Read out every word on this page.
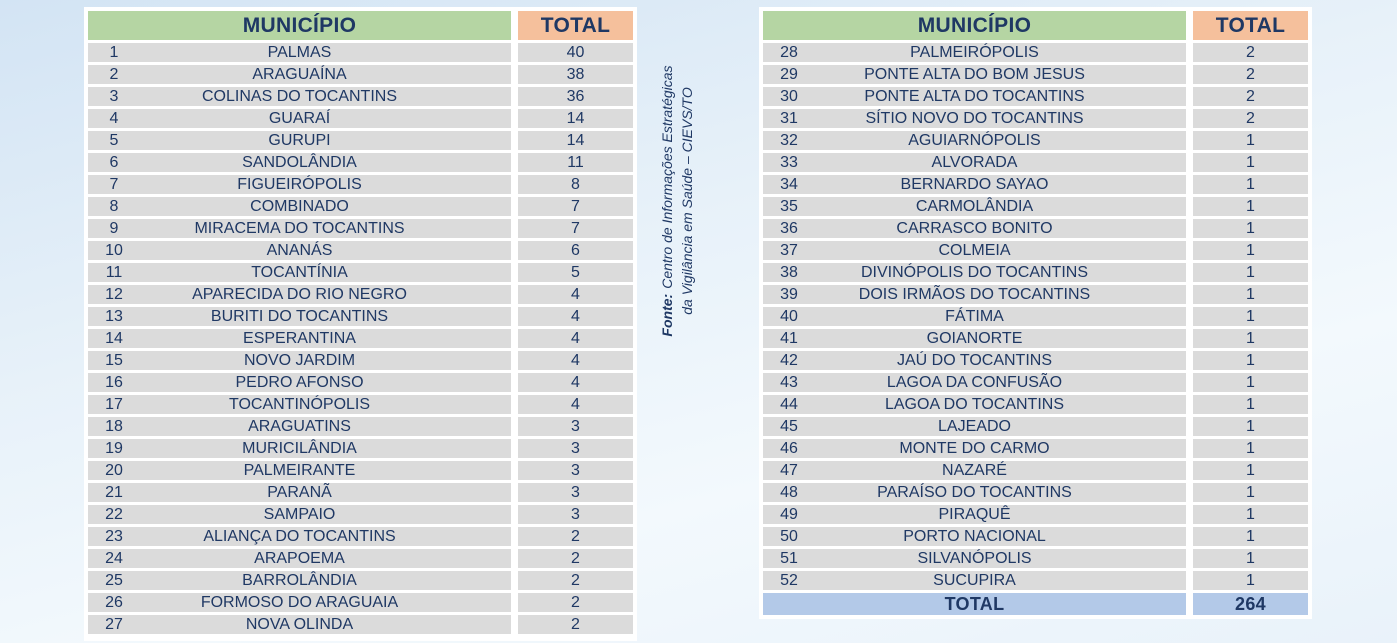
MUNICÍPIO	TOTAL
1	PALMAS	40
2	ARAGUAÍNA	38
3	COLINAS DO TOCANTINS	36
4	GUARAÍ	14
5	GURUPI	14
6	SANDOLÂNDIA	11
7	FIGUEIRÓPOLIS	8
8	COMBINADO	7
9	MIRACEMA DO TOCANTINS	7
10	ANANÁS	6
11	TOCANTÍNIA	5
12	APARECIDA DO RIO NEGRO	4
13	BURITI DO TOCANTINS	4
14	ESPERANTINA	4
15	NOVO JARDIM	4
16	PEDRO AFONSO	4
17	TOCANTINÓPOLIS	4
18	ARAGUATINS	3
19	MURICILÂNDIA	3
20	PALMEIRANTE	3
21	PARANÃ	3
22	SAMPAIO	3
23	ALIANÇA DO TOCANTINS	2
24	ARAPOEMA	2
25	BARROLÂNDIA	2
26	FORMOSO DO ARAGUAIA	2
27	NOVA OLINDA	2
Fonte:Centro de Informações Estratégicas da Vigilância em Saúde – CIEVS/TO
MUNICÍPIO	TOTAL
28	PALMEIRÓPOLIS	2
29	PONTE ALTA DO BOM JESUS	2
30	PONTE ALTA DO TOCANTINS	2
31	SÍTIO NOVO DO TOCANTINS	2
32	AGUIARNÓPOLIS	1
33	ALVORADA	1
34	BERNARDO SAYAO	1
35	CARMOLÂNDIA	1
36	CARRASCO BONITO	1
37	COLMEIA	1
38	DIVINÓPOLIS DO TOCANTINS	1
39	DOIS IRMÃOS DO TOCANTINS	1
40	FÁTIMA	1
41	GOIANORTE	1
42	JAÚ DO TOCANTINS	1
43	LAGOA DA CONFUSÃO	1
44	LAGOA DO TOCANTINS	1
45	LAJEADO	1
46	MONTE DO CARMO	1
47	NAZARÉ	1
48	PARAÍSO DO TOCANTINS	1
49	PIRAQUÊ	1
50	PORTO NACIONAL	1
51	SILVANÓPOLIS	1
52	SUCUPIRA	1
TOTAL	264
